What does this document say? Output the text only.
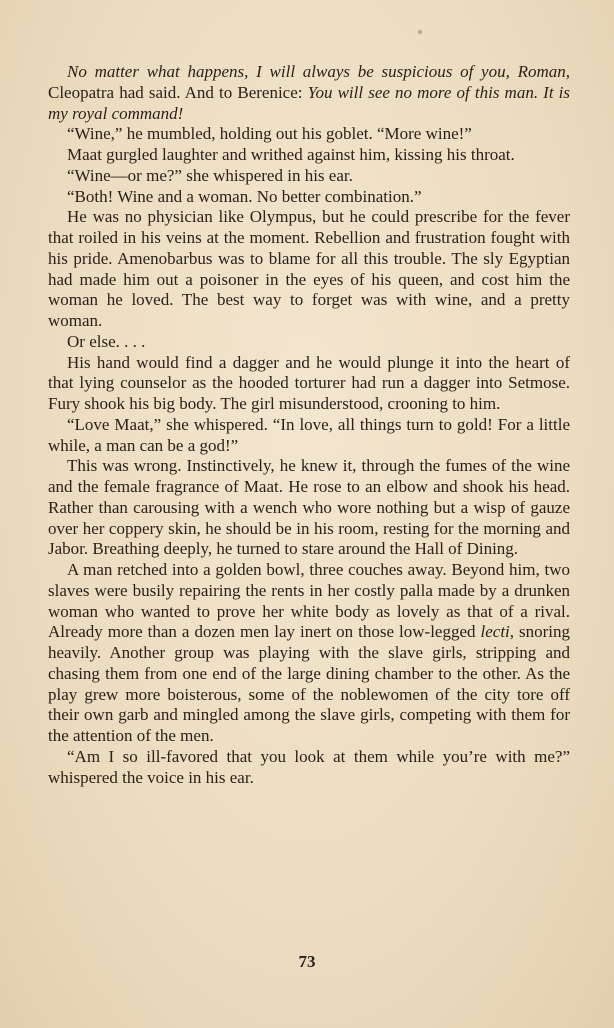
No matter what happens, I will always be suspicious of you, Roman, Cleopatra had said. And to Berenice: You will see no more of this man. It is my royal command!

“Wine,” he mumbled, holding out his goblet. “More wine!”

Maat gurgled laughter and writhed against him, kissing his throat.

“Wine—or me?” she whispered in his ear.

“Both! Wine and a woman. No better combination.”

He was no physician like Olympus, but he could prescribe for the fever that roiled in his veins at the moment. Rebellion and frustration fought with his pride. Amenobarbus was to blame for all this trouble. The sly Egyptian had made him out a poisoner in the eyes of his queen, and cost him the woman he loved. The best way to forget was with wine, and a pretty woman.

Or else. . . .

His hand would find a dagger and he would plunge it into the heart of that lying counselor as the hooded torturer had run a dagger into Setmose. Fury shook his big body. The girl misunderstood, crooning to him.

“Love Maat,” she whispered. “In love, all things turn to gold! For a little while, a man can be a god!”

This was wrong. Instinctively, he knew it, through the fumes of the wine and the female fragrance of Maat. He rose to an elbow and shook his head. Rather than carousing with a wench who wore nothing but a wisp of gauze over her coppery skin, he should be in his room, resting for the morning and Jabor. Breathing deeply, he turned to stare around the Hall of Dining.

A man retched into a golden bowl, three couches away. Beyond him, two slaves were busily repairing the rents in her costly palla made by a drunken woman who wanted to prove her white body as lovely as that of a rival. Already more than a dozen men lay inert on those low-legged lecti, snoring heavily. Another group was playing with the slave girls, stripping and chasing them from one end of the large dining chamber to the other. As the play grew more boisterous, some of the noblewomen of the city tore off their own garb and mingled among the slave girls, competing with them for the attention of the men.

“Am I so ill-favored that you look at them while you’re with me?” whispered the voice in his ear.

73
